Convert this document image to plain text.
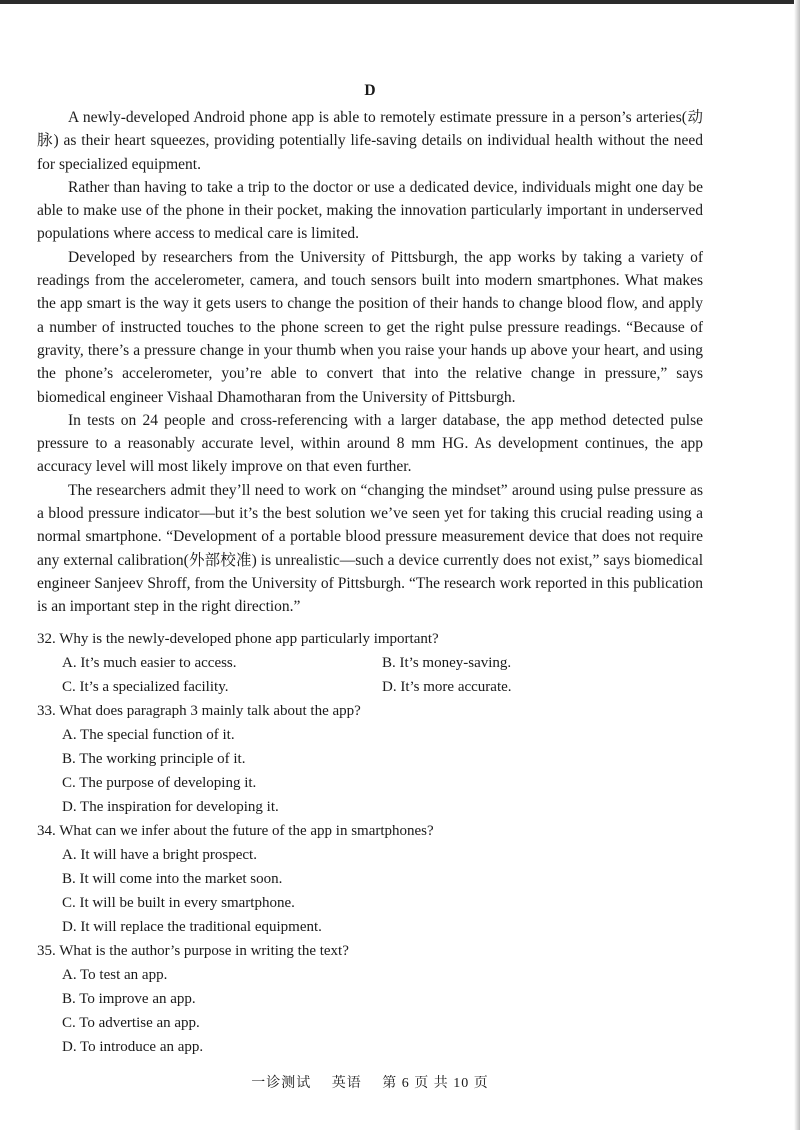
D

A newly-developed Android phone app is able to remotely estimate pressure in a person’s arteries(动脉) as their heart squeezes, providing potentially life-saving details on individual health without the need for specialized equipment.

Rather than having to take a trip to the doctor or use a dedicated device, individuals might one day be able to make use of the phone in their pocket, making the innovation particularly important in underserved populations where access to medical care is limited.

Developed by researchers from the University of Pittsburgh, the app works by taking a variety of readings from the accelerometer, camera, and touch sensors built into modern smartphones. What makes the app smart is the way it gets users to change the position of their hands to change blood flow, and apply a number of instructed touches to the phone screen to get the right pulse pressure readings. “Because of gravity, there’s a pressure change in your thumb when you raise your hands up above your heart, and using the phone’s accelerometer, you’re able to convert that into the relative change in pressure,” says biomedical engineer Vishaal Dhamotharan from the University of Pittsburgh.

In tests on 24 people and cross-referencing with a larger database, the app method detected pulse pressure to a reasonably accurate level, within around 8 mm HG. As development continues, the app accuracy level will most likely improve on that even further.

The researchers admit they’ll need to work on “changing the mindset” around using pulse pressure as a blood pressure indicator—but it’s the best solution we’ve seen yet for taking this crucial reading using a normal smartphone. “Development of a portable blood pressure measurement device that does not require any external calibration(外部校准) is unrealistic—such a device currently does not exist,” says biomedical engineer Sanjeev Shroff, from the University of Pittsburgh. “The research work reported in this publication is an important step in the right direction.”

32. Why is the newly-developed phone app particularly important?

A. It’s much easier to access.	B. It’s money-saving.

C. It’s a specialized facility.	D. It’s more accurate.

33. What does paragraph 3 mainly talk about the app?

A. The special function of it.

B. The working principle of it.

C. The purpose of developing it.

D. The inspiration for developing it.

34. What can we infer about the future of the app in smartphones?

A. It will have a bright prospect.

B. It will come into the market soon.

C. It will be built in every smartphone.

D. It will replace the traditional equipment.

35. What is the author’s purpose in writing the text?

A. To test an app.

B. To improve an app.

C. To advertise an app.

D. To introduce an app.

一诊测试 英语 第 6 页 共 10 页
